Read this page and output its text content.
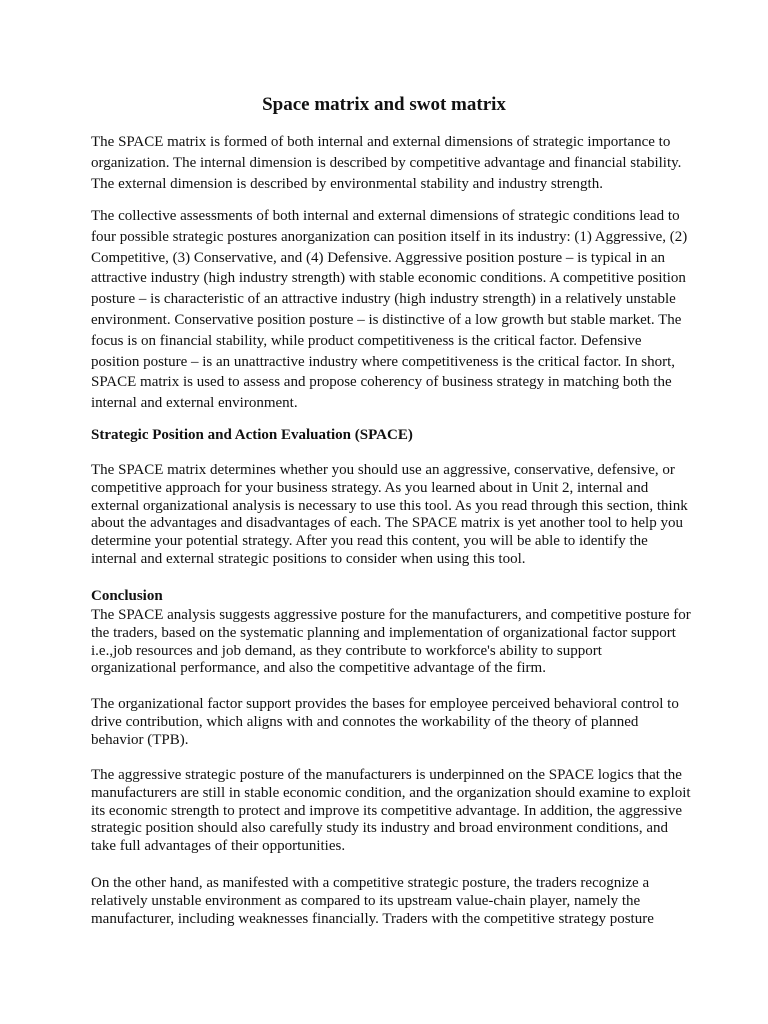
Space matrix and swot matrix

The SPACE matrix is formed of both internal and external dimensions of strategic importance to organization. The internal dimension is described by competitive advantage and financial stability. The external dimension is described by environmental stability and industry strength.

The collective assessments of both internal and external dimensions of strategic conditions lead to four possible strategic postures anorganization can position itself in its industry: (1) Aggressive, (2) Competitive, (3) Conservative, and (4) Defensive. Aggressive position posture – is typical in an attractive industry (high industry strength) with stable economic conditions. A competitive position posture – is characteristic of an attractive industry (high industry strength) in a relatively unstable environment. Conservative position posture – is distinctive of a low growth but stable market. The focus is on financial stability, while product competitiveness is the critical factor. Defensive position posture – is an unattractive industry where competitiveness is the critical factor. In short, SPACE matrix is used to assess and propose coherency of business strategy in matching both the internal and external environment.

Strategic Position and Action Evaluation (SPACE)

The SPACE matrix determines whether you should use an aggressive, conservative, defensive, or competitive approach for your business strategy. As you learned about in Unit 2, internal and external organizational analysis is necessary to use this tool. As you read through this section, think about the advantages and disadvantages of each. The SPACE matrix is yet another tool to help you determine your potential strategy. After you read this content, you will be able to identify the internal and external strategic positions to consider when using this tool.

Conclusion

The SPACE analysis suggests aggressive posture for the manufacturers, and competitive posture for the traders, based on the systematic planning and implementation of organizational factor support i.e.,job resources and job demand, as they contribute to workforce's ability to support organizational performance, and also the competitive advantage of the firm.

The organizational factor support provides the bases for employee perceived behavioral control to drive contribution, which aligns with and connotes the workability of the theory of planned behavior (TPB).

The aggressive strategic posture of the manufacturers is underpinned on the SPACE logics that the manufacturers are still in stable economic condition, and the organization should examine to exploit its economic strength to protect and improve its competitive advantage. In addition, the aggressive strategic position should also carefully study its industry and broad environment conditions, and take full advantages of their opportunities.

On the other hand, as manifested with a competitive strategic posture, the traders recognize a relatively unstable environment as compared to its upstream value-chain player, namely the manufacturer, including weaknesses financially. Traders with the competitive strategy posture
